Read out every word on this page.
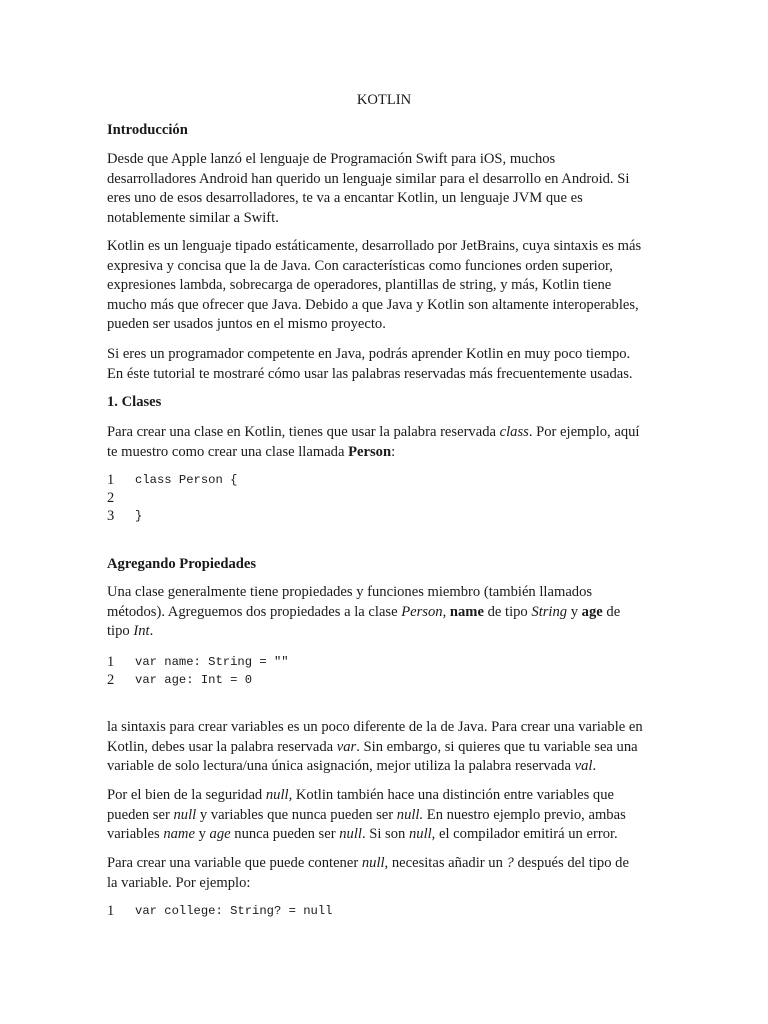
KOTLIN
Introducción

Desde que Apple lanzó el lenguaje de Programación Swift para iOS, muchos
desarrolladores Android han querido un lenguaje similar para el desarrollo en Android. Si
eres uno de esos desarrolladores, te va a encantar Kotlin, un lenguaje JVM que es
notablemente similar a Swift.

Kotlin es un lenguaje tipado estáticamente, desarrollado por JetBrains, cuya sintaxis es más
expresiva y concisa que la de Java. Con características como funciones orden superior,
expresiones lambda, sobrecarga de operadores, plantillas de string, y más, Kotlin tiene
mucho más que ofrecer que Java. Debido a que Java y Kotlin son altamente interoperables,
pueden ser usados juntos en el mismo proyecto.

Si eres un programador competente en Java, podrás aprender Kotlin en muy poco tiempo.
En éste tutorial te mostraré cómo usar las palabras reservadas más frecuentemente usadas.

1. Clases

Para crear una clase en Kotlin, tienes que usar la palabra reservada class. Por ejemplo, aquí
te muestro como crear una clase llamada Person:

1 class Person {
2
3 }
Agregando Propiedades

Una clase generalmente tiene propiedades y funciones miembro (también llamados
métodos). Agreguemos dos propiedades a la clase Person, name de tipo String y age de
tipo Int.

1 var name: String = ""
2 var age: Int = 0

la sintaxis para crear variables es un poco diferente de la de Java. Para crear una variable en
Kotlin, debes usar la palabra reservada var. Sin embargo, si quieres que tu variable sea una
variable de solo lectura/una única asignación, mejor utiliza la palabra reservada val.

Por el bien de la seguridad null, Kotlin también hace una distinción entre variables que
pueden ser null y variables que nunca pueden ser null. En nuestro ejemplo previo, ambas
variables name y age nunca pueden ser null. Si son null, el compilador emitirá un error.

Para crear una variable que puede contener null, necesitas añadir un ? después del tipo de
la variable. Por ejemplo:

1 var college: String? = null
